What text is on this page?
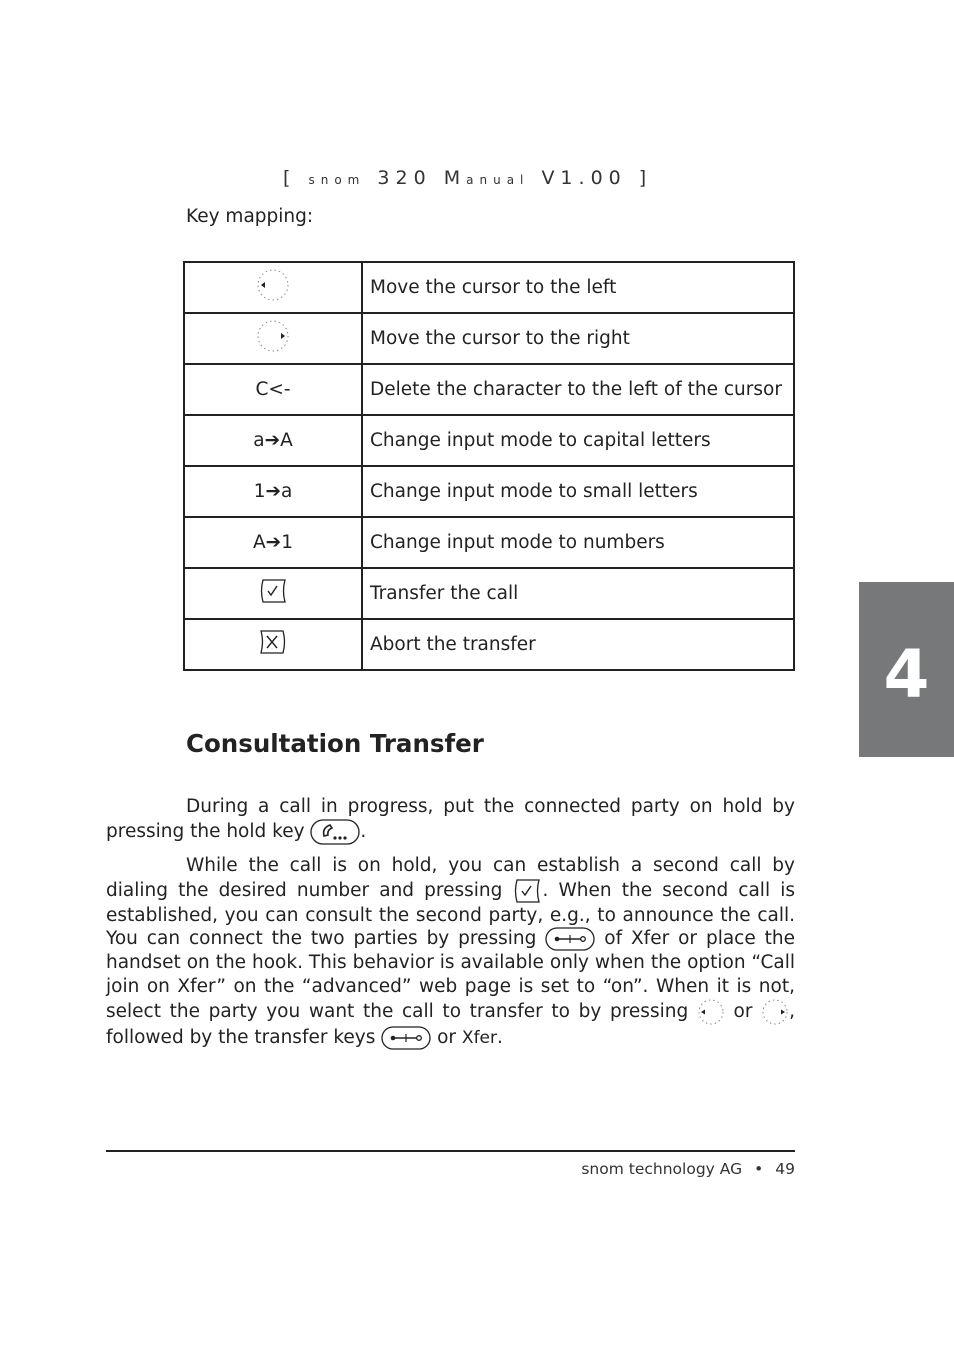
[ snom 320 Manual V1.00 ]
Key mapping:
	Move the cursor to the left
	Move the cursor to the right
C<-	Delete the character to the left of the cursor
a➔A	Change input mode to capital letters
1➔a	Change input mode to small letters
A➔1	Change input mode to numbers
	Transfer the call
	Abort the transfer	4
Consultation Transfer

During a call in progress, put the connected party on hold by pressing the hold key	.

While the call is on hold, you can establish a second call by dialing the desired number and pressing
. When the second call is established, you can consult the second party, e.g., to announce the call. You can connect the two parties by pressing	of Xfer or place the handset on the hook. This behavior is available only when the option “Call join on Xfer” on the “advanced” web page is set to “on”. When it is not, select the party you want the call to transfer to by pressing
or
, followed by the transfer keys	or Xfer.

snom technology AG • 49
